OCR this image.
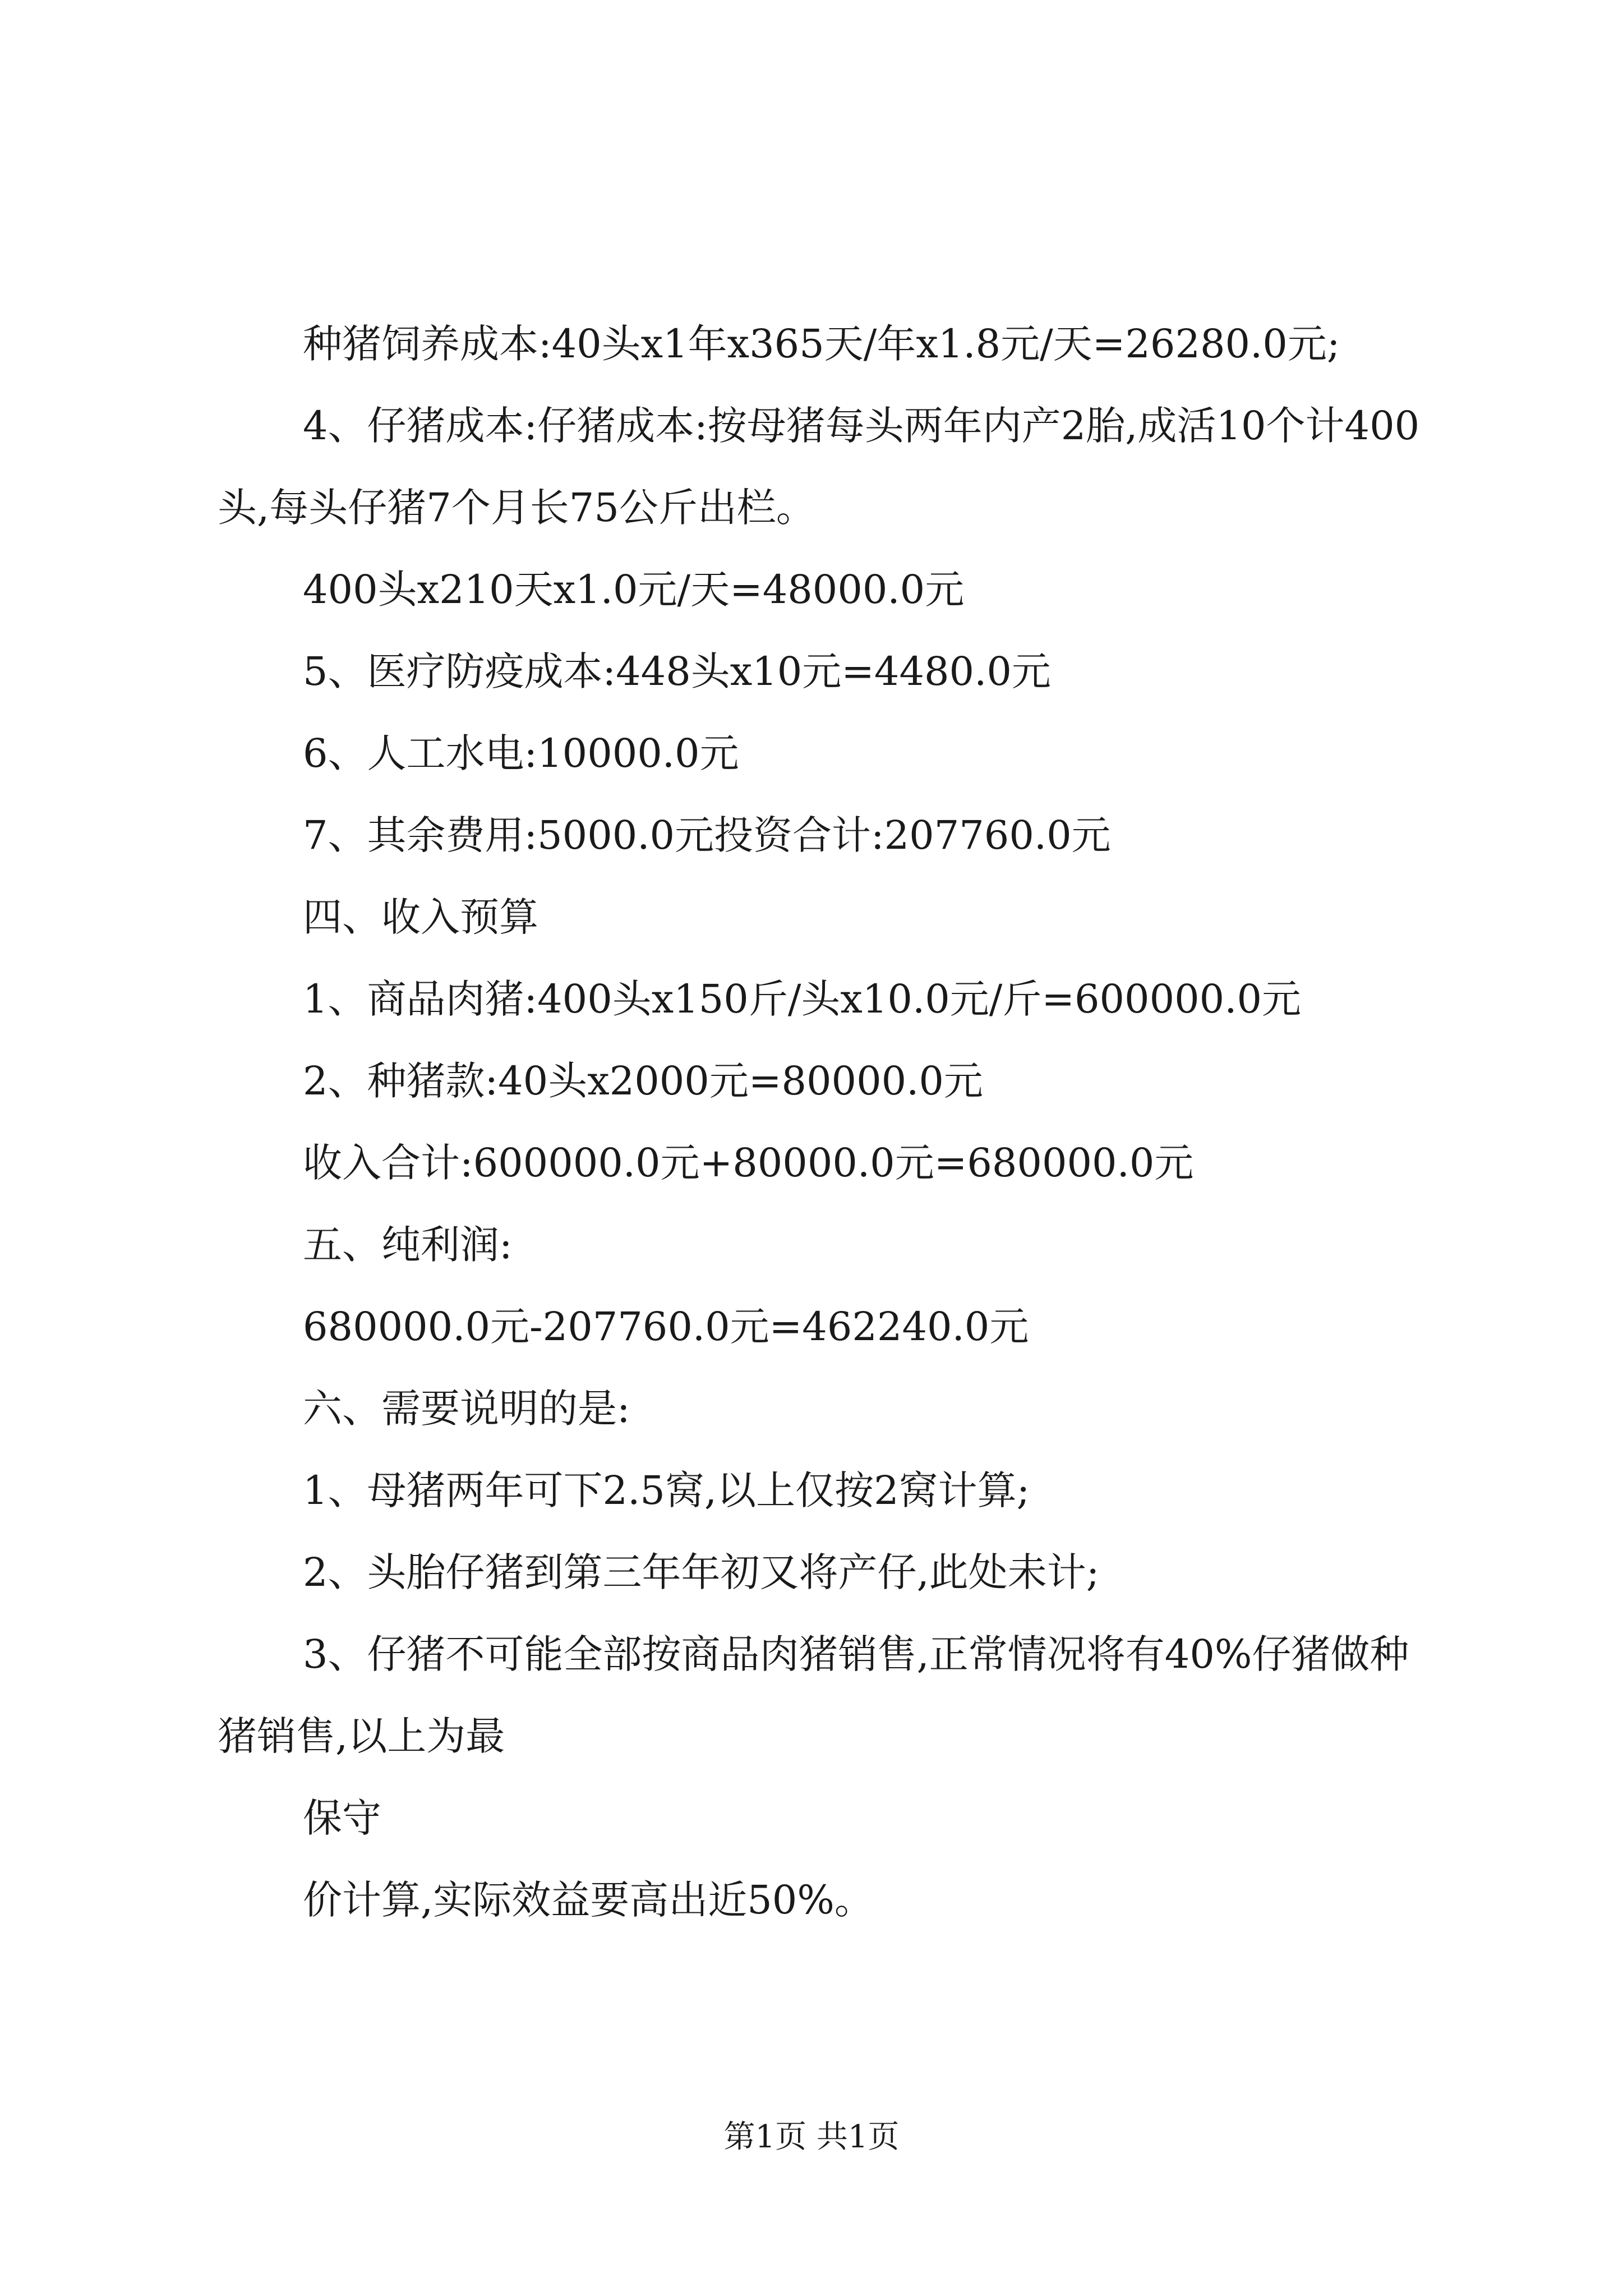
种猪饲养成本:40头x1年x365天/年x1.8元/天=26280.0元;

4、仔猪成本:仔猪成本:按母猪每头两年内产2胎,成活10个计400头,每头仔猪7个月长75公斤出栏。

400头x210天x1.0元/天=48000.0元

5、医疗防疫成本:448头x10元=4480.0元

6、人工水电:10000.0元

7、其余费用:5000.0元投资合计:207760.0元

四、收入预算

1、商品肉猪:400头x150斤/头x10.0元/斤=600000.0元

2、种猪款:40头x2000元=80000.0元

收入合计:600000.0元+80000.0元=680000.0元

五、纯利润:

680000.0元-207760.0元=462240.0元

六、需要说明的是:

1、母猪两年可下2.5窝,以上仅按2窝计算;

2、头胎仔猪到第三年年初又将产仔,此处未计;

3、仔猪不可能全部按商品肉猪销售,正常情况将有40%仔猪做种猪销售,以上为最

保守

价计算,实际效益要高出近50%。

第1页 共1页
